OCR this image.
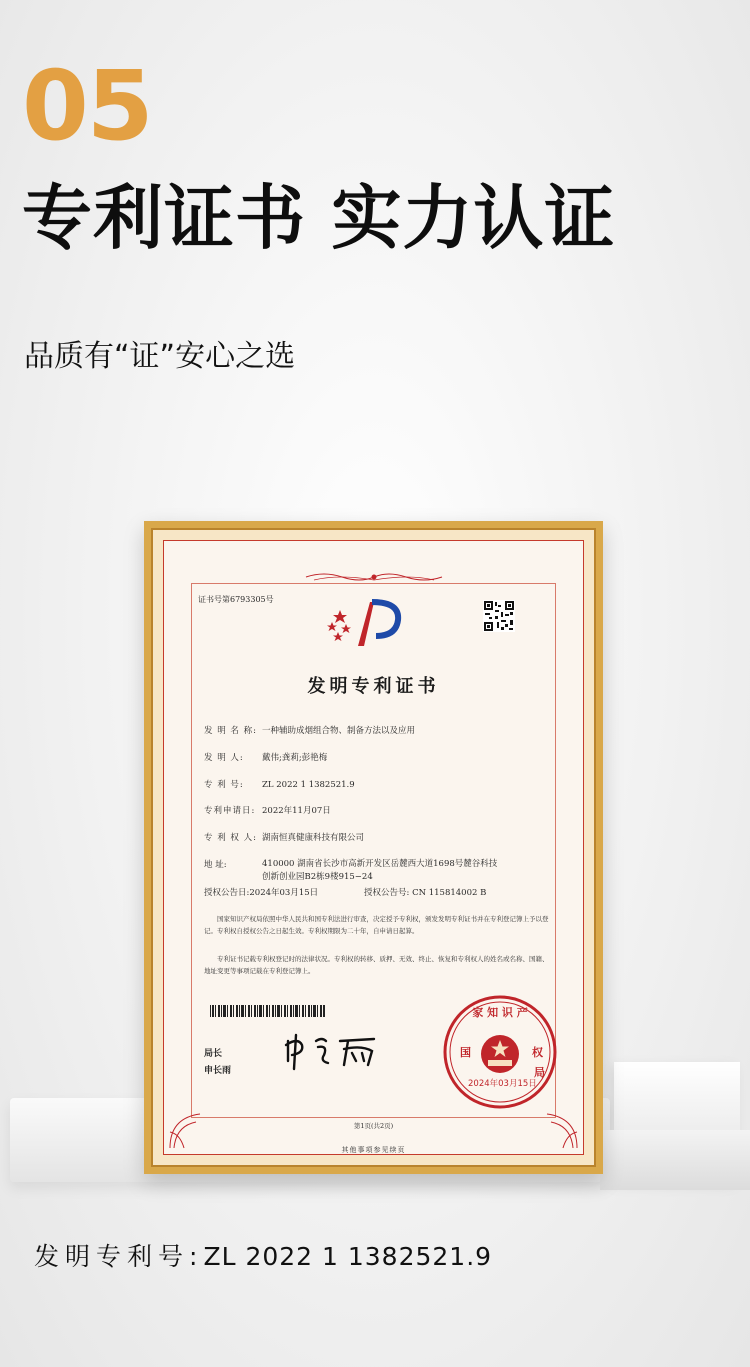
05
专利证书 实力认证
品质有“证”安心之选
证书号第6793305号
发明专利证书
发 明 名 称: 一种辅助成烟组合物、制备方法以及应用
发 明 人: 戴伟;龚莉;彭艳梅
专 利 号: ZL 2022 1 1382521.9
专利申请日: 2022年11月07日
专 利 权 人: 湖南恒真健康科技有限公司
地 址:	410000 湖南省长沙市高新开发区岳麓西大道1698号麓谷科技创新创业园B2栋9楼915−24
授权公告日:2024年03月15日	授权公告号: CN 115814002 B
国家知识产权局依照中华人民共和国专利法进行审查，决定授予专利权，颁发发明专利证书并在专利登记簿上予以登记。专利权自授权公告之日起生效。专利权期限为二十年，自申请日起算。
专利证书记载专利权登记时的法律状况。专利权的转移、质押、无效、终止、恢复和专利权人的姓名或名称、国籍、地址变更等事项记载在专利登记簿上。
局长
申长雨
家 知 识 产
国	权
局
2024年03月15日
第1页(共2页)
其他事项参见续页
发明专利号:ZL 2022 1 1382521.9
